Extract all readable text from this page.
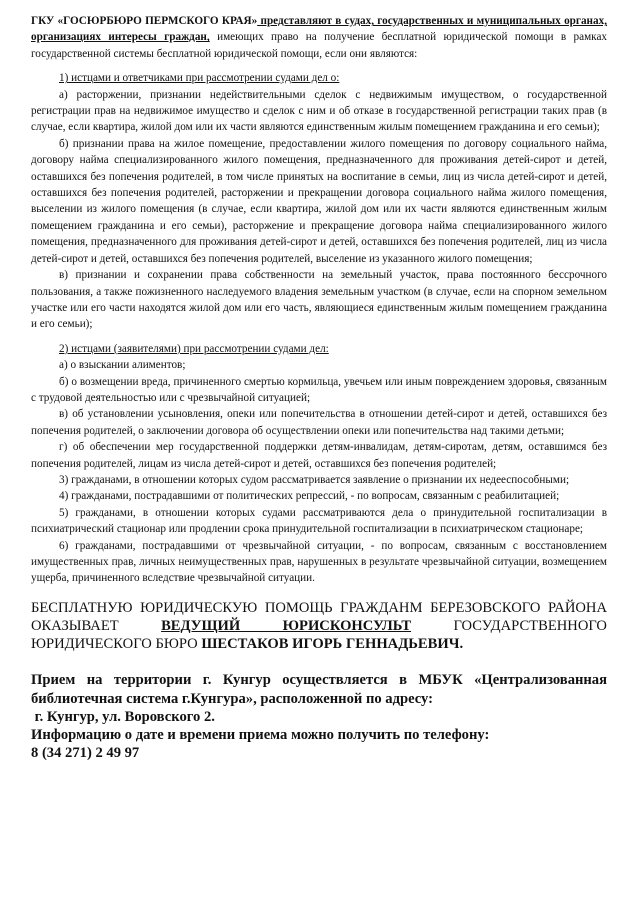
ГКУ «ГОСЮРБЮРО ПЕРМСКОГО КРАЯ» представляют в судах, государственных и муниципальных органах, организациях интересы граждан, имеющих право на получение бесплатной юридической помощи в рамках государственной системы бесплатной юридической помощи, если они являются:

1) истцами и ответчиками при рассмотрении судами дел о:

а) расторжении, признании недействительными сделок с недвижимым имуществом, о государственной регистрации прав на недвижимое имущество и сделок с ним и об отказе в государственной регистрации таких прав (в случае, если квартира, жилой дом или их части являются единственным жилым помещением гражданина и его семьи);

б) признании права на жилое помещение, предоставлении жилого помещения по договору социального найма, договору найма специализированного жилого помещения, предназначенного для проживания детей-сирот и детей, оставшихся без попечения родителей, в том числе принятых на воспитание в семьи, лиц из числа детей-сирот и детей, оставшихся без попечения родителей, расторжении и прекращении договора социального найма жилого помещения, выселении из жилого помещения (в случае, если квартира, жилой дом или их части являются единственным жилым помещением гражданина и его семьи), расторжение и прекращение договора найма специализированного жилого помещения, предназначенного для проживания детей-сирот и детей, оставшихся без попечения родителей, лиц из числа детей-сирот и детей, оставшихся без попечения родителей, выселение из указанного жилого помещения;

в) признании и сохранении права собственности на земельный участок, права постоянного бессрочного пользования, а также пожизненного наследуемого владения земельным участком (в случае, если на спорном земельном участке или его части находятся жилой дом или его часть, являющиеся единственным жилым помещением гражданина и его семьи);

2) истцами (заявителями) при рассмотрении судами дел:

а) о взыскании алиментов;

б) о возмещении вреда, причиненного смертью кормильца, увечьем или иным повреждением здоровья, связанным с трудовой деятельностью или с чрезвычайной ситуацией;

в) об установлении усыновления, опеки или попечительства в отношении детей-сирот и детей, оставшихся без попечения родителей, о заключении договора об осуществлении опеки или попечительства над такими детьми;

г) об обеспечении мер государственной поддержки детям-инвалидам, детям-сиротам, детям, оставшимся без попечения родителей, лицам из числа детей-сирот и детей, оставшихся без попечения родителей;

3) гражданами, в отношении которых судом рассматривается заявление о признании их недееспособными;

4) гражданами, пострадавшими от политических репрессий, - по вопросам, связанным с реабилитацией;

5) гражданами, в отношении которых судами рассматриваются дела о принудительной госпитализации в психиатрический стационар или продлении срока принудительной госпитализации в психиатрическом стационаре;

6) гражданами, пострадавшими от чрезвычайной ситуации, - по вопросам, связанным с восстановлением имущественных прав, личных неимущественных прав, нарушенных в результате чрезвычайной ситуации, возмещением ущерба, причиненного вследствие чрезвычайной ситуации.

БЕСПЛАТНУЮ ЮРИДИЧЕСКУЮ ПОМОЩЬ ГРАЖДАНМ БЕРЕЗОВСКОГО РАЙОНА ОКАЗЫВАЕТ ВЕДУЩИЙ ЮРИСКОНСУЛЬТ ГОСУДАРСТВЕННОГО ЮРИДИЧЕСКОГО БЮРО ШЕСТАКОВ ИГОРЬ ГЕННАДЬЕВИЧ.

Прием на территории г. Кунгур осуществляется в МБУК «Централизованная библиотечная система г.Кунгура», расположенной по адресу:

г. Кунгур, ул. Воровского 2.

Информацию о дате и времени приема можно получить по телефону:

8 (34 271) 2 49 97
